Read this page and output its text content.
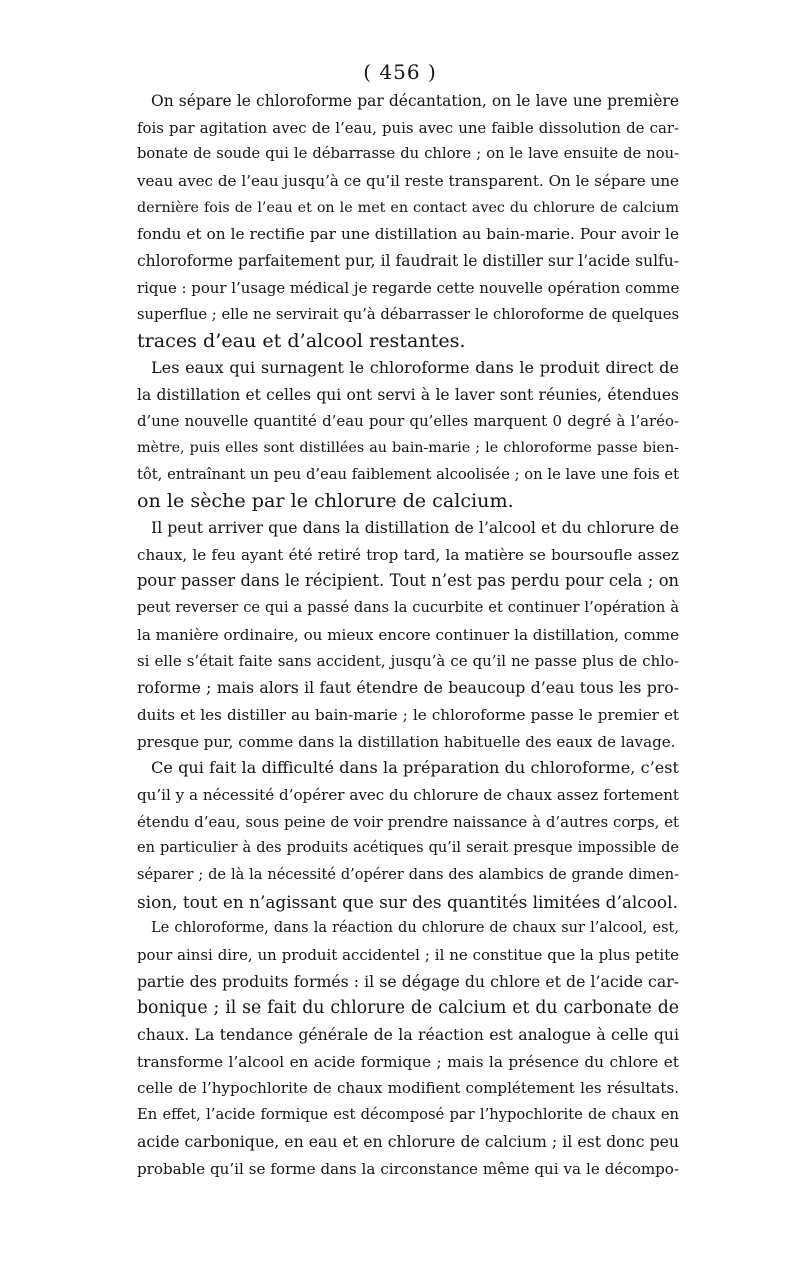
( 456 )
On sépare le chloroforme par décantation, on le lave une première
fois par agitation avec de l’eau, puis avec une faible dissolution de car-
bonate de soude qui le débarrasse du chlore ; on le lave ensuite de nou-
veau avec de l’eau jusqu’à ce qu’il reste transparent. On le sépare une
dernière fois de l’eau et on le met en contact avec du chlorure de calcium
fondu et on le rectifie par une distillation au bain-marie. Pour avoir le
chloroforme parfaitement pur, il faudrait le distiller sur l’acide sulfu-
rique : pour l’usage médical je regarde cette nouvelle opération comme
superflue ; elle ne servirait qu’à débarrasser le chloroforme de quelques
traces d’eau et d’alcool restantes.
Les eaux qui surnagent le chloroforme dans le produit direct de
la distillation et celles qui ont servi à le laver sont réunies, étendues
d’une nouvelle quantité d’eau pour qu’elles marquent 0 degré à l’aréo-
mètre, puis elles sont distillées au bain-marie ; le chloroforme passe bien-
tôt, entraînant un peu d’eau faiblement alcoolisée ; on le lave une fois et
on le sèche par le chlorure de calcium.
Il peut arriver que dans la distillation de l’alcool et du chlorure de
chaux, le feu ayant été retiré trop tard, la matière se boursoufle assez
pour passer dans le récipient. Tout n’est pas perdu pour cela ; on
peut reverser ce qui a passé dans la cucurbite et continuer l’opération à
la manière ordinaire, ou mieux encore continuer la distillation, comme
si elle s’était faite sans accident, jusqu’à ce qu’il ne passe plus de chlo-
roforme ; mais alors il faut étendre de beaucoup d’eau tous les pro-
duits et les distiller au bain-marie ; le chloroforme passe le premier et
presque pur, comme dans la distillation habituelle des eaux de lavage.
Ce qui fait la difficulté dans la préparation du chloroforme, c’est
qu’il y a nécessité d’opérer avec du chlorure de chaux assez fortement
étendu d’eau, sous peine de voir prendre naissance à d’autres corps, et
en particulier à des produits acétiques qu’il serait presque impossible de
séparer ; de là la nécessité d’opérer dans des alambics de grande dimen-
sion, tout en n’agissant que sur des quantités limitées d’alcool.
Le chloroforme, dans la réaction du chlorure de chaux sur l’alcool, est,
pour ainsi dire, un produit accidentel ; il ne constitue que la plus petite
partie des produits formés : il se dégage du chlore et de l’acide car-
bonique ; il se fait du chlorure de calcium et du carbonate de
chaux. La tendance générale de la réaction est analogue à celle qui
transforme l’alcool en acide formique ; mais la présence du chlore et
celle de l’hypochlorite de chaux modifient complétement les résultats.
En effet, l’acide formique est décomposé par l’hypochlorite de chaux en
acide carbonique, en eau et en chlorure de calcium ; il est donc peu
probable qu’il se forme dans la circonstance même qui va le décompo-
